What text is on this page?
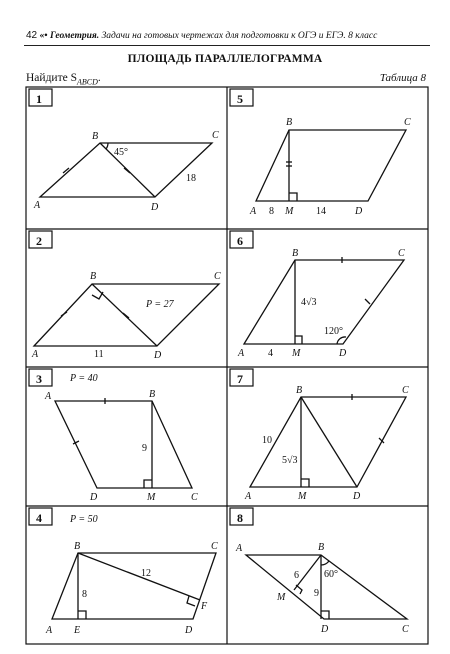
42 «• Геометрия. Задачи на готовых чертежах для подготовки к ОГЭ и ЕГЭ. 8 класс
ПЛОЩАДЬ ПАРАЛЛЕЛОГРАММА
Найдите $S_{ABCD}$.	Таблица 8
1	5
2	6
3	7
4	8
A
B	C
D
45°
18
A
B	C
M	D
8	14
A
B	C
D
P = 27
11	A
B	C
M	D
4
4√3
120°
A	B
C
D	M
P = 40
9
A
B	C
M	D
10
5√3
A
B	C
D
E
F
P = 50
8
12
A	B
C
D
M
6
9
60°
